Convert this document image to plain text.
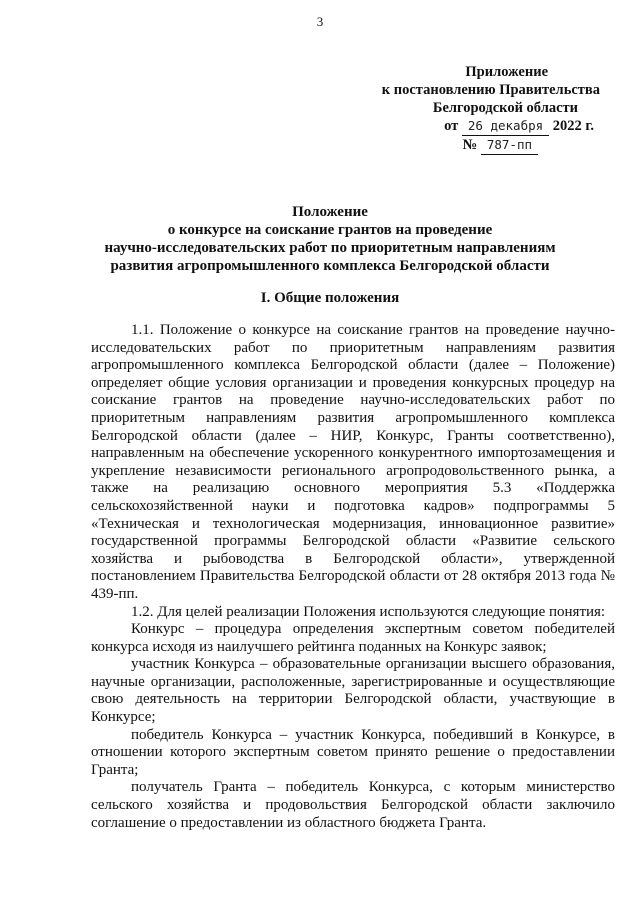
3
Приложение
к постановлению Правительства
Белгородской области
от 26 декабря 2022 г.
№ 787-пп
Положение
о конкурсе на соискание грантов на проведение
научно-исследовательских работ по приоритетным направлениям
развития агропромышленного комплекса Белгородской области
I. Общие положения

1.1. Положение о конкурсе на соискание грантов на проведение научно-исследовательских работ по приоритетным направлениям развития агропромышленного комплекса Белгородской области (далее – Положение) определяет общие условия организации и проведения конкурсных процедур на соискание грантов на проведение научно-исследовательских работ по приоритетным направлениям развития агропромышленного комплекса Белгородской области (далее – НИР, Конкурс, Гранты соответственно), направленным на обеспечение ускоренного конкурентного импортозамещения и укрепление независимости регионального агропродовольственного рынка, а также на реализацию основного мероприятия 5.3 «Поддержка сельскохозяйственной науки и подготовка кадров» подпрограммы 5 «Техническая и технологическая модернизация, инновационное развитие» государственной программы Белгородской области «Развитие сельского хозяйства и рыбоводства в Белгородской области», утвержденной постановлением Правительства Белгородской области от 28 октября 2013 года № 439-пп.

1.2. Для целей реализации Положения используются следующие понятия:

Конкурс – процедура определения экспертным советом победителей конкурса исходя из наилучшего рейтинга поданных на Конкурс заявок;

участник Конкурса – образовательные организации высшего образования, научные организации, расположенные, зарегистрированные и осуществляющие свою деятельность на территории Белгородской области, участвующие в Конкурсе;

победитель Конкурса – участник Конкурса, победивший в Конкурсе, в отношении которого экспертным советом принято решение о предоставлении Гранта;

получатель Гранта – победитель Конкурса, с которым министерство сельского хозяйства и продовольствия Белгородской области заключило соглашение о предоставлении из областного бюджета Гранта.
